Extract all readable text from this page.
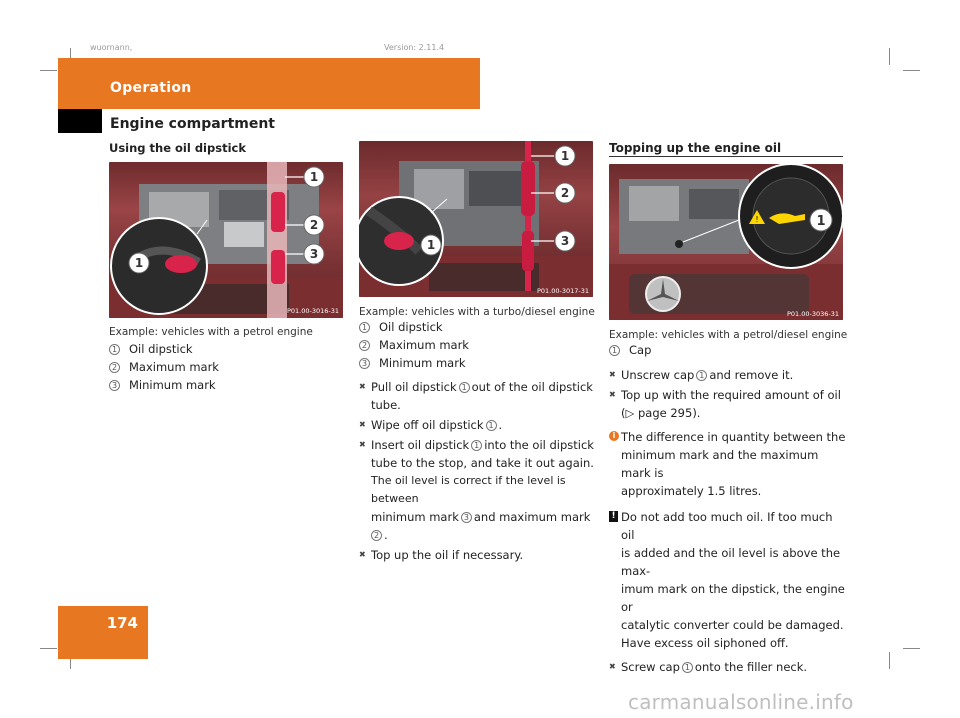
wuornann,	Version: 2.11.4
Operation
Engine compartment
174
Using the oil dipstick
1
2
3
1
P01.00-3016-31
Example: vehicles with a petrol engine
1 Oil dipstick
2 Maximum mark
3 Minimum mark
1
2
3
1
P01.00-3017-31
Example: vehicles with a turbo/diesel engine
1 Oil dipstick
2 Maximum mark
3 Minimum mark
✖ Pull oil dipstick 1 out of the oil dipstick
tube.
✖ Wipe off oil dipstick 1 .
✖ Insert oil dipstick 1 into the oil dipstick
tube to the stop, and take it out again.
The oil level is correct if the level is between
minimum mark 3 and maximum mark
2 .
✖ Top up the oil if necessary.
Topping up the engine oil
!	1
P01.00-3036-31
Example: vehicles with a petrol/diesel engine
1 Cap
✖ Unscrew cap 1 and remove it.
✖ Top up with the required amount of oil
(▷ page 295).
i The difference in quantity between the
minimum mark and the maximum mark is
approximately 1.5 litres.
! Do not add too much oil. If too much oil
is added and the oil level is above the max-
imum mark on the dipstick, the engine or
catalytic converter could be damaged.
Have excess oil siphoned off.
✖ Screw cap 1 onto the filler neck.
carmanualsonline.info
